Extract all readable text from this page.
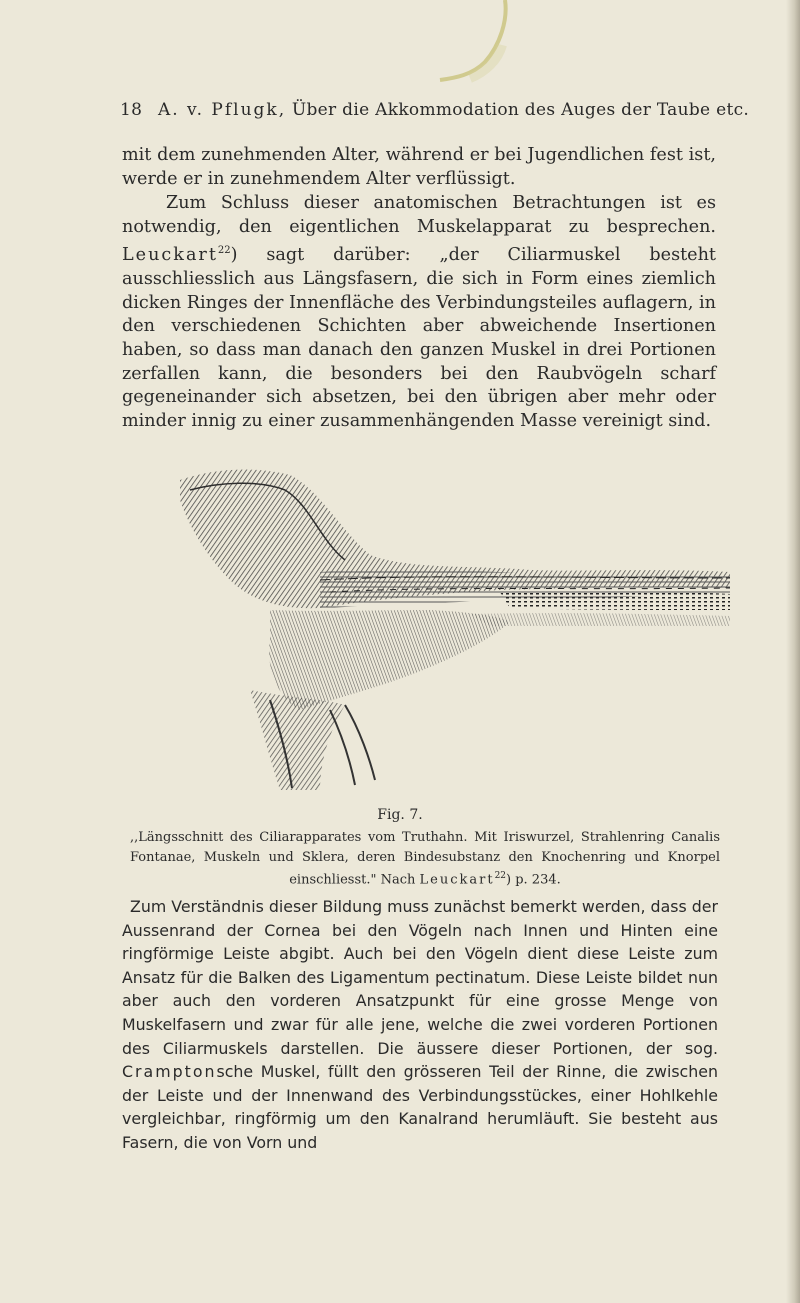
18 A. v. Pflugk, Über die Akkommodation des Auges der Taube etc.

mit dem zunehmenden Alter, während er bei Jugendlichen fest ist, werde er in zunehmendem Alter verflüssigt.

Zum Schluss dieser anatomischen Betrachtungen ist es notwendig, den eigentlichen Muskelapparat zu besprechen. Leuckart$^{22}$) sagt darüber: „der Ciliarmuskel besteht ausschliesslich aus Längsfasern, die sich in Form eines ziemlich dicken Ringes der Innenfläche des Verbindungsteiles auflagern, in den verschiedenen Schichten aber abweichende Insertionen haben, so dass man danach den ganzen Muskel in drei Portionen zerfallen kann, die besonders bei den Raubvögeln scharf gegeneinander sich absetzen, bei den übrigen aber mehr oder minder innig zu einer zusammenhängenden Masse vereinigt sind.

Fig. 7.

,,Längsschnitt des Ciliarapparates vom Truthahn. Mit Iriswurzel, Strahlenring Canalis Fontanae, Muskeln und Sklera, deren Bindesubstanz den Knochenring und Knorpel einschliesst." Nach Leuckart$^{22}$) p. 234.

Zum Verständnis dieser Bildung muss zunächst bemerkt werden, dass der Aussenrand der Cornea bei den Vögeln nach Innen und Hinten eine ringförmige Leiste abgibt. Auch bei den Vögeln dient diese Leiste zum Ansatz für die Balken des Ligamentum pectinatum. Diese Leiste bildet nun aber auch den vorderen Ansatzpunkt für eine grosse Menge von Muskelfasern und zwar für alle jene, welche die zwei vorderen Portionen des Ciliarmuskels darstellen. Die äussere dieser Portionen, der sog. Cramptonsche Muskel, füllt den grösseren Teil der Rinne, die zwischen der Leiste und der Innenwand des Verbindungsstückes, einer Hohlkehle vergleichbar, ringförmig um den Kanalrand herumläuft. Sie besteht aus Fasern, die von Vorn und
